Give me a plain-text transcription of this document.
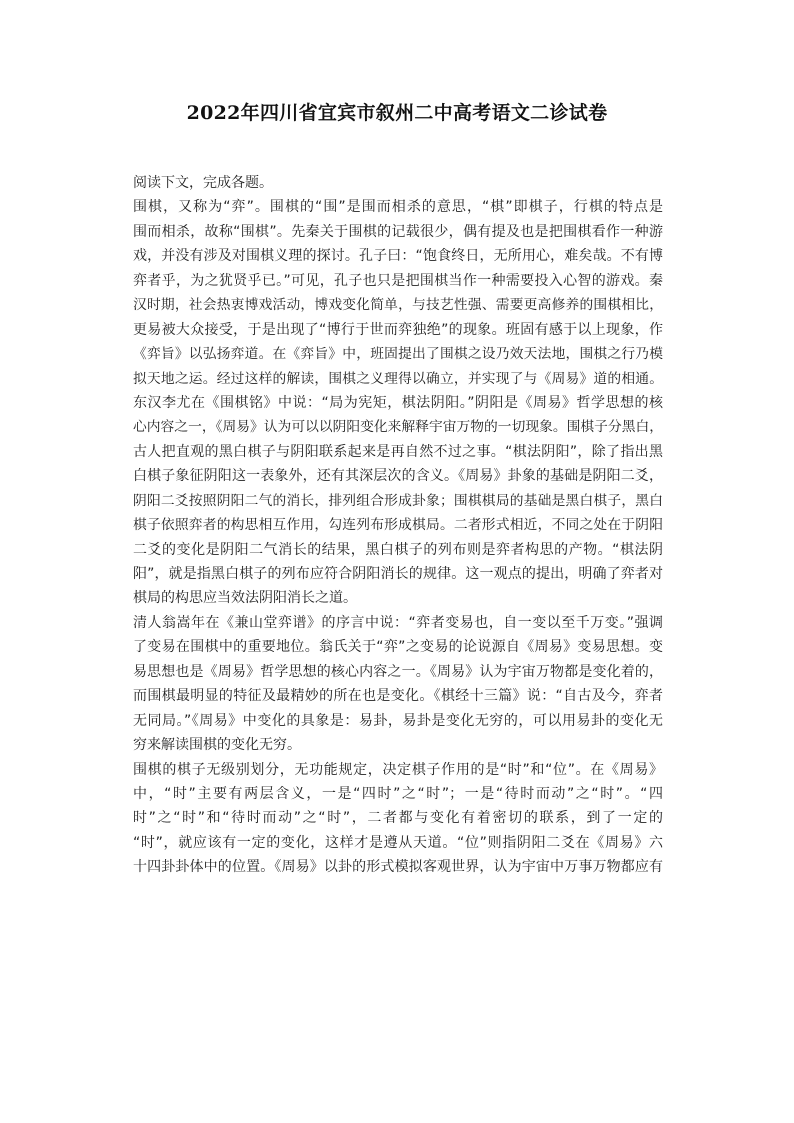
2022年四川省宜宾市叙州二中高考语文二诊试卷
阅读下文，完成各题。
围棋，又称为“弈”。围棋的“围”是围而相杀的意思，“棋”即棋子，行棋的特点是
围而相杀，故称“围棋”。先秦关于围棋的记载很少，偶有提及也是把围棋看作一种游
戏，并没有涉及对围棋义理的探讨。孔子曰：“饱食终日，无所用心，难矣哉。不有博
弈者乎，为之犹贤乎已。”可见，孔子也只是把围棋当作一种需要投入心智的游戏。秦
汉时期，社会热衷博戏活动，博戏变化简单，与技艺性强、需要更高修养的围棋相比，
更易被大众接受，于是出现了“博行于世而弈独绝”的现象。班固有感于以上现象，作
《弈旨》以弘扬弈道。在《弈旨》中，班固提出了围棋之设乃效天法地，围棋之行乃模
拟天地之运。经过这样的解读，围棋之义理得以确立，并实现了与《周易》道的相通。
东汉李尤在《围棋铭》中说：“局为宪矩，棋法阴阳。”阴阳是《周易》哲学思想的核
心内容之一，《周易》认为可以以阴阳变化来解释宇宙万物的一切现象。围棋子分黑白，
古人把直观的黑白棋子与阴阳联系起来是再自然不过之事。“棋法阴阳”，除了指出黑
白棋子象征阴阳这一表象外，还有其深层次的含义。《周易》卦象的基础是阴阳二爻，
阴阳二爻按照阴阳二气的消长，排列组合形成卦象；围棋棋局的基础是黑白棋子，黑白
棋子依照弈者的构思相互作用，勾连列布形成棋局。二者形式相近，不同之处在于阴阳
二爻的变化是阴阳二气消长的结果，黑白棋子的列布则是弈者构思的产物。“棋法阴
阳”，就是指黑白棋子的列布应符合阴阳消长的规律。这一观点的提出，明确了弈者对
棋局的构思应当效法阴阳消长之道。
清人翁嵩年在《兼山堂弈谱》的序言中说：“弈者变易也，自一变以至千万变。”强调
了变易在围棋中的重要地位。翁氏关于“弈”之变易的论说源自《周易》变易思想。变
易思想也是《周易》哲学思想的核心内容之一。《周易》认为宇宙万物都是变化着的，
而围棋最明显的特征及最精妙的所在也是变化。《棋经十三篇》说：“自古及今，弈者
无同局。”《周易》中变化的具象是：易卦，易卦是变化无穷的，可以用易卦的变化无
穷来解读围棋的变化无穷。
围棋的棋子无级别划分，无功能规定，决定棋子作用的是“时”和“位”。在《周易》
中，“时”主要有两层含义，一是“四时”之“时”；一是“待时而动”之“时”。“四
时”之“时”和“待时而动”之“时”，二者都与变化有着密切的联系，到了一定的
“时”，就应该有一定的变化，这样才是遵从天道。“位”则指阴阳二爻在《周易》六
十四卦卦体中的位置。《周易》以卦的形式模拟客观世界，认为宇宙中万事万物都应有
